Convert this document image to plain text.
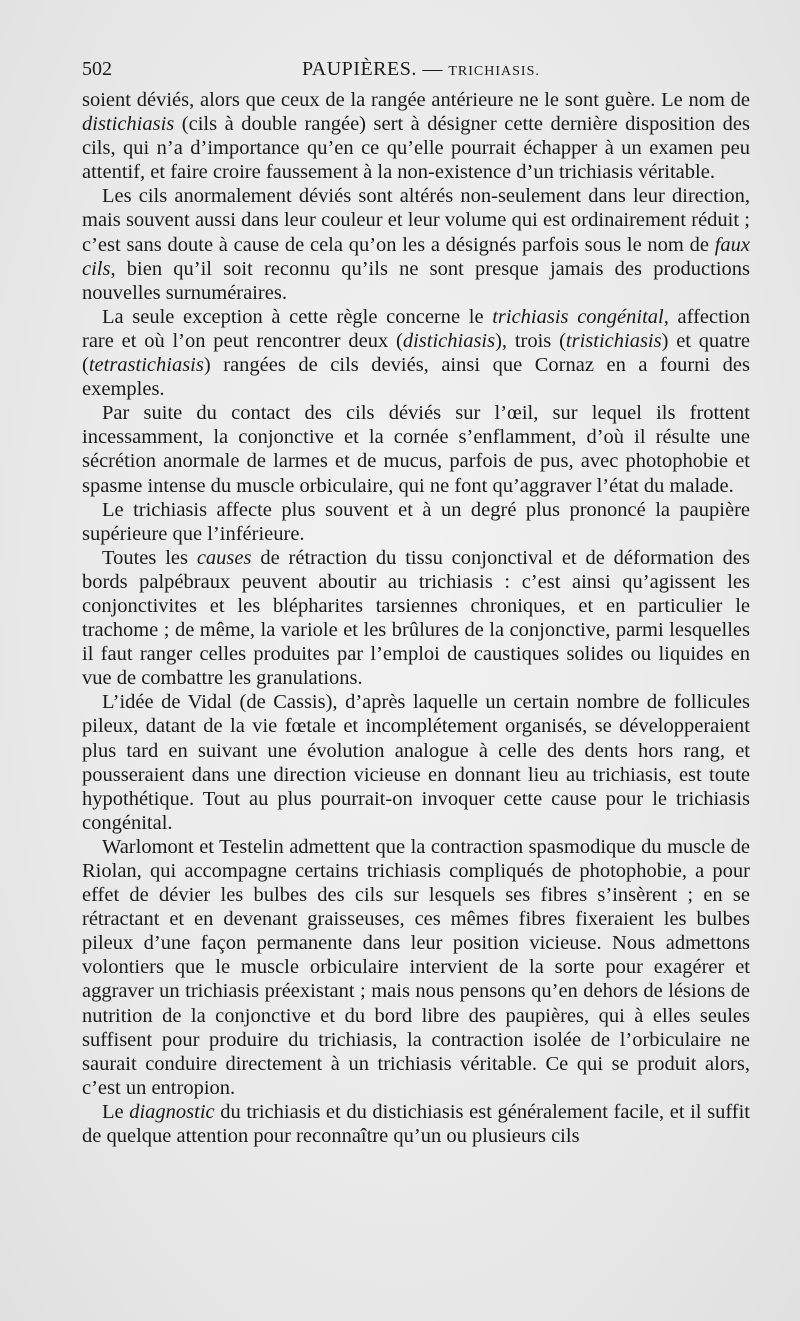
502	PAUPIÈRES. — TRICHIASIS.

soient déviés, alors que ceux de la rangée antérieure ne le sont guère. Le nom de distichiasis (cils à double rangée) sert à désigner cette dernière disposition des cils, qui n’a d’importance qu’en ce qu’elle pourrait échapper à un examen peu attentif, et faire croire faussement à la non-existence d’un trichiasis véritable.

Les cils anormalement déviés sont altérés non-seulement dans leur direction, mais souvent aussi dans leur couleur et leur volume qui est ordinairement réduit ; c’est sans doute à cause de cela qu’on les a désignés parfois sous le nom de faux cils, bien qu’il soit reconnu qu’ils ne sont presque jamais des productions nouvelles surnuméraires.

La seule exception à cette règle concerne le trichiasis congénital, affection rare et où l’on peut rencontrer deux (distichiasis), trois (tristichiasis) et quatre (tetrastichiasis) rangées de cils deviés, ainsi que Cornaz en a fourni des exemples.

Par suite du contact des cils déviés sur l’œil, sur lequel ils frottent incessamment, la conjonctive et la cornée s’enflamment, d’où il résulte une sécrétion anormale de larmes et de mucus, parfois de pus, avec photophobie et spasme intense du muscle orbiculaire, qui ne font qu’aggraver l’état du malade.

Le trichiasis affecte plus souvent et à un degré plus prononcé la paupière supérieure que l’inférieure.

Toutes les causes de rétraction du tissu conjonctival et de déformation des bords palpébraux peuvent aboutir au trichiasis : c’est ainsi qu’agissent les conjonctivites et les blépharites tarsiennes chroniques, et en particulier le trachome ; de même, la variole et les brûlures de la conjonctive, parmi lesquelles il faut ranger celles produites par l’emploi de caustiques solides ou liquides en vue de combattre les granulations.

L’idée de Vidal (de Cassis), d’après laquelle un certain nombre de follicules pileux, datant de la vie fœtale et incomplétement organisés, se développeraient plus tard en suivant une évolution analogue à celle des dents hors rang, et pousseraient dans une direction vicieuse en donnant lieu au trichiasis, est toute hypothétique. Tout au plus pourrait-on invoquer cette cause pour le trichiasis congénital.

Warlomont et Testelin admettent que la contraction spasmodique du muscle de Riolan, qui accompagne certains trichiasis compliqués de photophobie, a pour effet de dévier les bulbes des cils sur lesquels ses fibres s’insèrent ; en se rétractant et en devenant graisseuses, ces mêmes fibres fixeraient les bulbes pileux d’une façon permanente dans leur position vicieuse. Nous admettons volontiers que le muscle orbiculaire intervient de la sorte pour exagérer et aggraver un trichiasis préexistant ; mais nous pensons qu’en dehors de lésions de nutrition de la conjonctive et du bord libre des paupières, qui à elles seules suffisent pour produire du trichiasis, la contraction isolée de l’orbiculaire ne saurait conduire directement à un trichiasis véritable. Ce qui se produit alors, c’est un entropion.

Le diagnostic du trichiasis et du distichiasis est généralement facile, et il suffit de quelque attention pour reconnaître qu’un ou plusieurs cils
